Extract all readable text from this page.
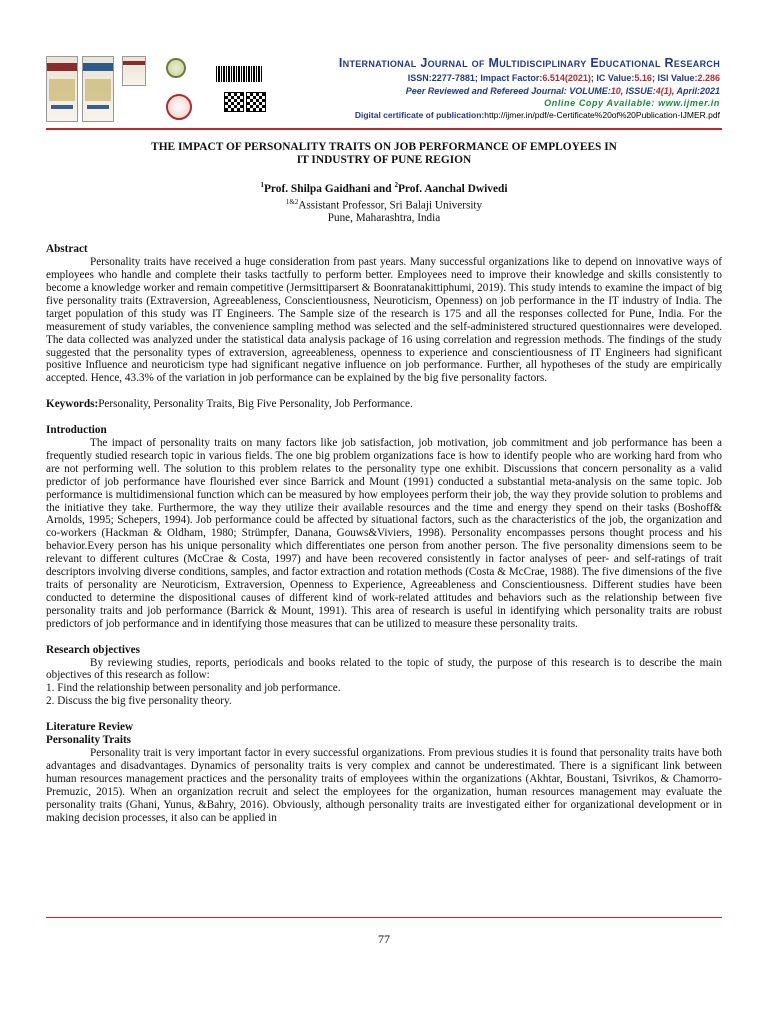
International Journal of Multidisciplinary Educational Research
ISSN:2277-7881; Impact Factor:6.514(2021); IC Value:5.16; ISI Value:2.286
Peer Reviewed and Refereed Journal: VOLUME:10, ISSUE:4(1), April:2021
Online Copy Available: www.ijmer.in
Digital certificate of publication:http://ijmer.in/pdf/e-Certificate%20of%20Publication-IJMER.pdf

THE IMPACT OF PERSONALITY TRAITS ON JOB PERFORMANCE OF EMPLOYEES IN
IT INDUSTRY OF PUNE REGION

$^1$Prof. Shilpa Gaidhani and $^2$Prof. Aanchal Dwivedi

$^{1\&2}$Assistant Professor, Sri Balaji University
Pune, Maharashtra, India

Abstract

Personality traits have received a huge consideration from past years. Many successful organizations like to depend on innovative ways of employees who handle and complete their tasks tactfully to perform better. Employees need to improve their knowledge and skills consistently to become a knowledge worker and remain competitive (Jermsittiparsert & Boonratanakittiphumi, 2019). This study intends to examine the impact of big five personality traits (Extraversion, Agreeableness, Conscientiousness, Neuroticism, Openness) on job performance in the IT industry of India. The target population of this study was IT Engineers. The Sample size of the research is 175 and all the responses collected for Pune, India. For the measurement of study variables, the convenience sampling method was selected and the self-administered structured questionnaires were developed. The data collected was analyzed under the statistical data analysis package of 16 using correlation and regression methods. The findings of the study suggested that the personality types of extraversion, agreeableness, openness to experience and conscientiousness of IT Engineers had significant positive Influence and neuroticism type had significant negative influence on job performance. Further, all hypotheses of the study are empirically accepted. Hence, 43.3% of the variation in job performance can be explained by the big five personality factors.

Keywords:Personality, Personality Traits, Big Five Personality, Job Performance.

Introduction

The impact of personality traits on many factors like job satisfaction, job motivation, job commitment and job performance has been a frequently studied research topic in various fields. The one big problem organizations face is how to identify people who are working hard from who are not performing well. The solution to this problem relates to the personality type one exhibit. Discussions that concern personality as a valid predictor of job performance have flourished ever since Barrick and Mount (1991) conducted a substantial meta-analysis on the same topic. Job performance is multidimensional function which can be measured by how employees perform their job, the way they provide solution to problems and the initiative they take. Furthermore, the way they utilize their available resources and the time and energy they spend on their tasks (Boshoff& Arnolds, 1995; Schepers, 1994). Job performance could be affected by situational factors, such as the characteristics of the job, the organization and co-workers (Hackman & Oldham, 1980; Strümpfer, Danana, Gouws&Viviers, 1998). Personality encompasses persons thought process and his behavior.Every person has his unique personality which differentiates one person from another person. The five personality dimensions seem to be relevant to different cultures (McCrae & Costa, 1997) and have been recovered consistently in factor analyses of peer- and self-ratings of trait descriptors involving diverse conditions, samples, and factor extraction and rotation methods (Costa & McCrae, 1988). The five dimensions of the five traits of personality are Neuroticism, Extraversion, Openness to Experience, Agreeableness and Conscientiousness. Different studies have been conducted to determine the dispositional causes of different kind of work-related attitudes and behaviors such as the relationship between five personality traits and job performance (Barrick & Mount, 1991). This area of research is useful in identifying which personality traits are robust predictors of job performance and in identifying those measures that can be utilized to measure these personality traits.

Research objectives

By reviewing studies, reports, periodicals and books related to the topic of study, the purpose of this research is to describe the main objectives of this research as follow:

1. Find the relationship between personality and job performance.

2. Discuss the big five personality theory.

Literature Review

Personality Traits

Personality trait is very important factor in every successful organizations. From previous studies it is found that personality traits have both advantages and disadvantages. Dynamics of personality traits is very complex and cannot be underestimated. There is a significant link between human resources management practices and the personality traits of employees within the organizations (Akhtar, Boustani, Tsivrikos, & Chamorro-Premuzic, 2015). When an organization recruit and select the employees for the organization, human resources management may evaluate the personality traits (Ghani, Yunus, &Bahry, 2016). Obviously, although personality traits are investigated either for organizational development or in making decision processes, it also can be applied in

77
